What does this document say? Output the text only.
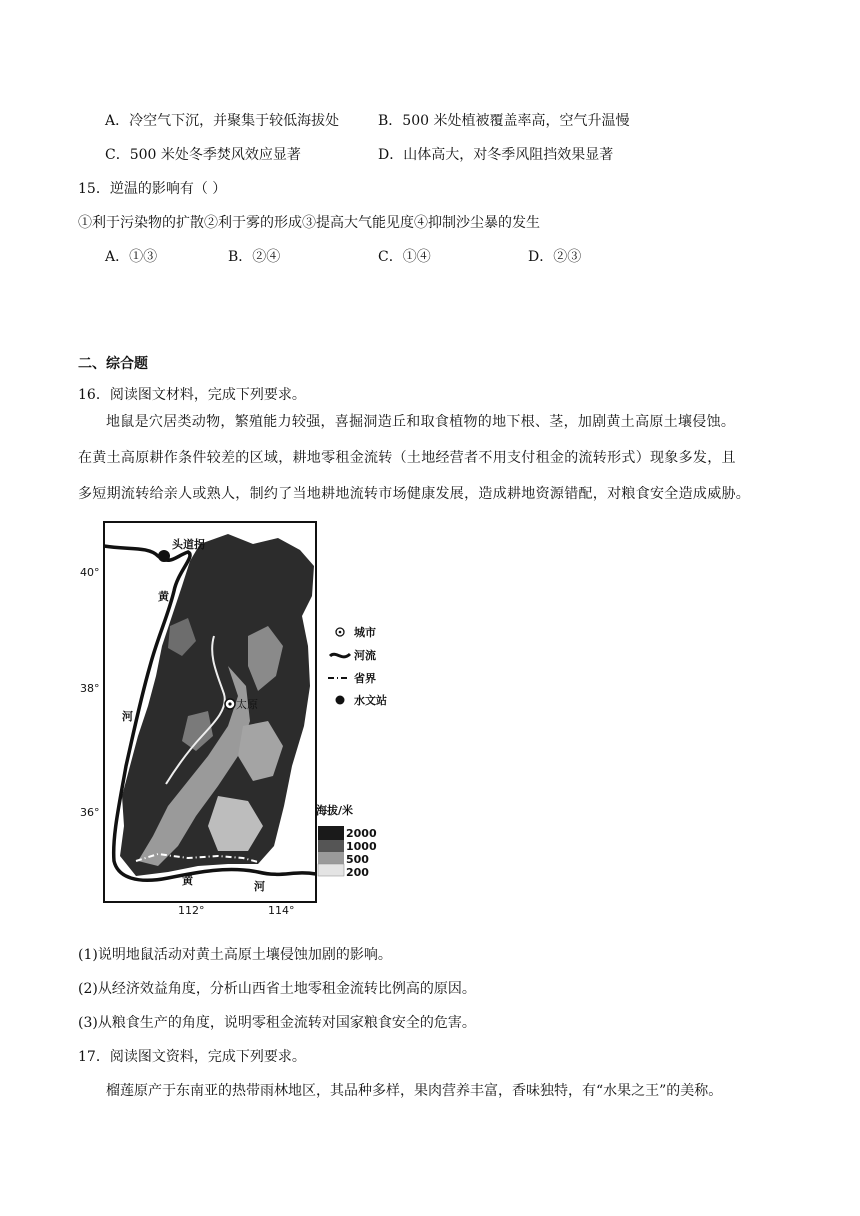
A．冷空气下沉，并聚集于较低海拔处	B．500 米处植被覆盖率高，空气升温慢
C．500 米处冬季焚风效应显著	D．山体高大，对冬季风阻挡效果显著
15．逆温的影响有（ ）
①利于污染物的扩散②利于雾的形成③提高大气能见度④抑制沙尘暴的发生
A．①③	B．②④	C．①④	D．②③
二、综合题
16．阅读图文材料，完成下列要求。

地鼠是穴居类动物，繁殖能力较强，喜掘洞造丘和取食植物的地下根、茎，加剧黄土高原土壤侵蚀。

在黄土高原耕作条件较差的区域，耕地零租金流转（土地经营者不用支付租金的流转形式）现象多发，且

多短期流转给亲人或熟人，制约了当地耕地流转市场健康发展，造成耕地资源错配，对粮食安全造成威胁。

头道拐
太原
黄
河
黄	河
40°
38°
36°
112°	114°
城市
河流
省界
水文站
海拔/米
2000
1000
500
200
(1)说明地鼠活动对黄土高原土壤侵蚀加剧的影响。
(2)从经济效益角度，分析山西省土地零租金流转比例高的原因。
(3)从粮食生产的角度，说明零租金流转对国家粮食安全的危害。
17．阅读图文资料，完成下列要求。
榴莲原产于东南亚的热带雨林地区，其品种多样，果肉营养丰富，香味独特，有“水果之王”的美称。
